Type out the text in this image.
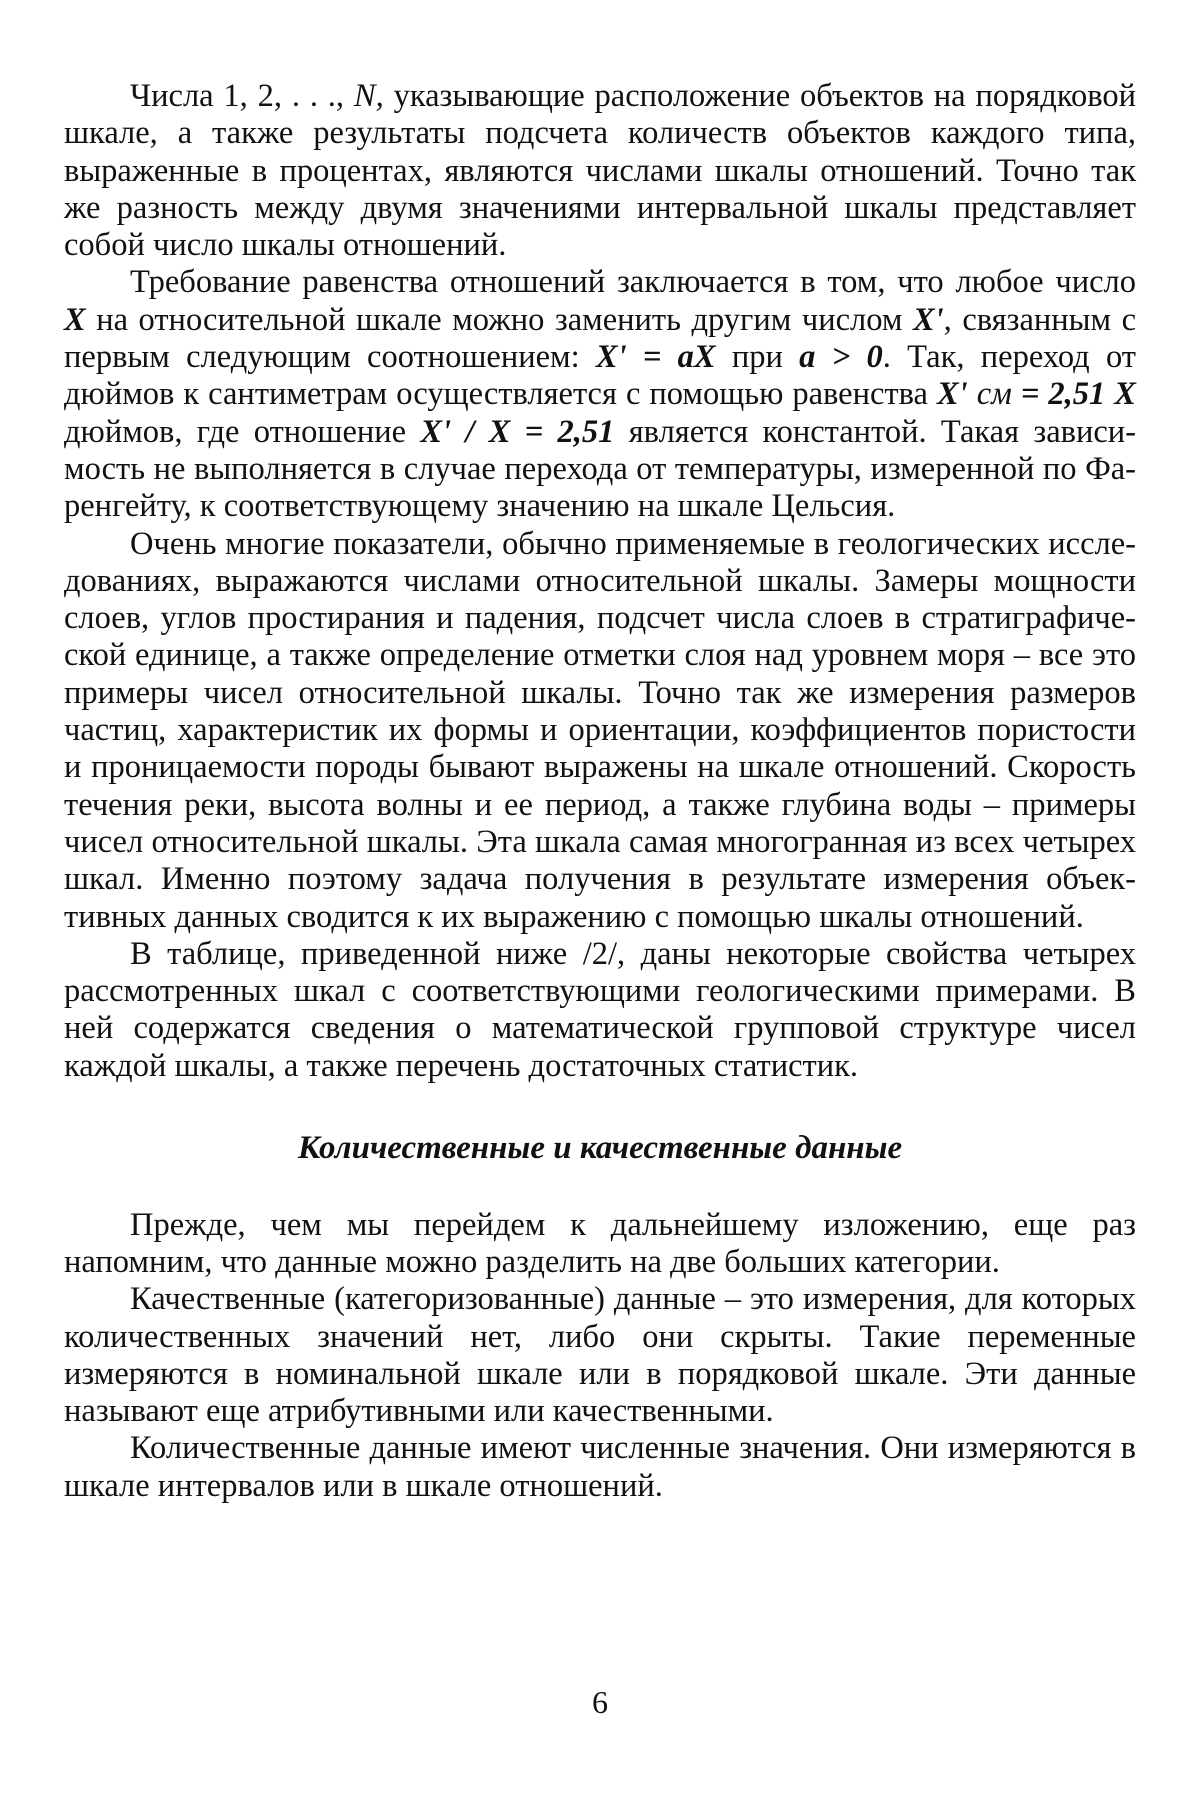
Числа 1, 2, . . ., N, указывающие расположение объектов на поряд­ковой шкале, а также результаты подсчета количеств объектов каждого ти­па, выраженные в процентах, являются числами шкалы отношений. Точно так же разность между двумя значениями интервальной шкалы представляет собой число шкалы отношений.

Требование равенства отношений заключается в том, что любое число X на относительной шкале можно заменить другим числом X', связанным с первым следующим соотношением: X' = aX при a > 0. Так, переход от дюймов к сантиметрам осуществляется с помощью равенства X' см = 2,51 X дюймов, где отношение X' / X = 2,51 является константой. Такая зависи­мость не выполняется в случае перехода от температуры, измеренной по Фа­ренгейту, к соответствующему значению на шкале Цельсия.

Очень многие показатели, обычно применяемые в геологических иссле­дованиях, выражаются числами относительной шкалы. Замеры мощности слоев, углов простирания и падения, подсчет числа слоев в стратиграфиче­ской единице, а также определение отметки слоя над уровнем моря – все это примеры чисел относительной шкалы. Точно так же измерения размеров час­тиц, характеристик их формы и ориентации, коэффициентов пористости и проницаемости породы бывают выражены на шкале отношений. Скорость течения реки, высота волны и ее период, а также глубина воды – примеры чи­сел относительной шкалы. Эта шкала самая многогранная из всех четы­рех шкал. Именно поэтому задача получения в результате измерения объек­тивных данных сводится к их выражению с помощью шкалы отношений.

В таблице, приведенной ниже /2/, даны некоторые свойства четырех рассмотренных шкал с соответствующими геологическими примерами. В ней содержатся сведения о математической групповой структуре чисел каждой шкалы, а также перечень достаточных статистик.

Количественные и качественные данные

Прежде, чем мы перейдем к дальнейшему изложению, еще раз напомним, что данные можно разделить на две больших категории.

Качественные (категоризованные) данные – это измерения, для которых количественных значений нет, либо они скрыты. Такие переменные измеряют­ся в номинальной шкале или в порядковой шкале. Эти данные называют еще атрибутивными или качественными.

Количественные данные имеют численные значения. Они измеряются в шкале интервалов или в шкале отношений.

6
